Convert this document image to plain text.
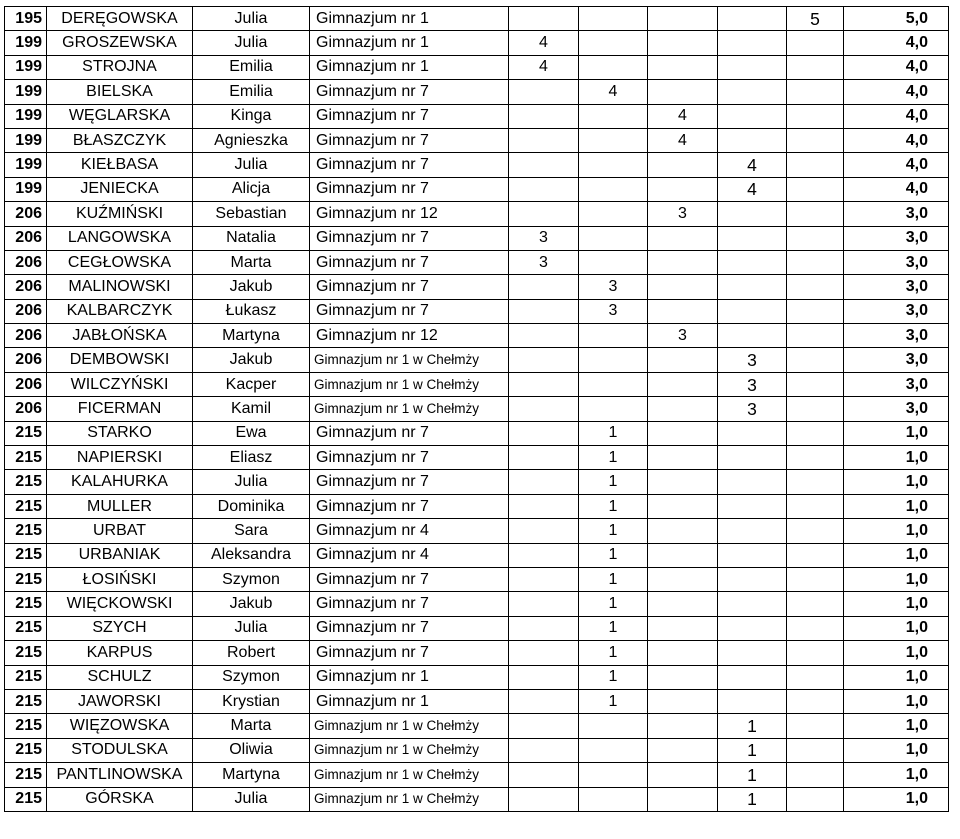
195	DERĘGOWSKA	Julia	Gimnazjum nr 1					5	5,0
199	GROSZEWSKA	Julia	Gimnazjum nr 1	4					4,0
199	STROJNA	Emilia	Gimnazjum nr 1	4					4,0
199	BIELSKA	Emilia	Gimnazjum nr 7		4				4,0
199	WĘGLARSKA	Kinga	Gimnazjum nr 7			4			4,0
199	BŁASZCZYK	Agnieszka	Gimnazjum nr 7			4			4,0
199	KIEŁBASA	Julia	Gimnazjum nr 7				4		4,0
199	JENIECKA	Alicja	Gimnazjum nr 7				4		4,0
206	KUŹMIŃSKI	Sebastian	Gimnazjum nr 12			3			3,0
206	LANGOWSKA	Natalia	Gimnazjum nr 7	3					3,0
206	CEGŁOWSKA	Marta	Gimnazjum nr 7	3					3,0
206	MALINOWSKI	Jakub	Gimnazjum nr 7		3				3,0
206	KALBARCZYK	Łukasz	Gimnazjum nr 7		3				3,0
206	JABŁOŃSKA	Martyna	Gimnazjum nr 12			3			3,0
206	DEMBOWSKI	Jakub	Gimnazjum nr 1 w Chełmży				3		3,0
206	WILCZYŃSKI	Kacper	Gimnazjum nr 1 w Chełmży				3		3,0
206	FICERMAN	Kamil	Gimnazjum nr 1 w Chełmży				3		3,0
215	STARKO	Ewa	Gimnazjum nr 7		1				1,0
215	NAPIERSKI	Eliasz	Gimnazjum nr 7		1				1,0
215	KALAHURKA	Julia	Gimnazjum nr 7		1				1,0
215	MULLER	Dominika	Gimnazjum nr 7		1				1,0
215	URBAT	Sara	Gimnazjum nr 4		1				1,0
215	URBANIAK	Aleksandra	Gimnazjum nr 4		1				1,0
215	ŁOSIŃSKI	Szymon	Gimnazjum nr 7		1				1,0
215	WIĘCKOWSKI	Jakub	Gimnazjum nr 7		1				1,0
215	SZYCH	Julia	Gimnazjum nr 7		1				1,0
215	KARPUS	Robert	Gimnazjum nr 7		1				1,0
215	SCHULZ	Szymon	Gimnazjum nr 1		1				1,0
215	JAWORSKI	Krystian	Gimnazjum nr 1		1				1,0
215	WIĘZOWSKA	Marta	Gimnazjum nr 1 w Chełmży				1		1,0
215	STODULSKA	Oliwia	Gimnazjum nr 1 w Chełmży				1		1,0
215	PANTLINOWSKA	Martyna	Gimnazjum nr 1 w Chełmży				1		1,0
215	GÓRSKA	Julia	Gimnazjum nr 1 w Chełmży				1		1,0
